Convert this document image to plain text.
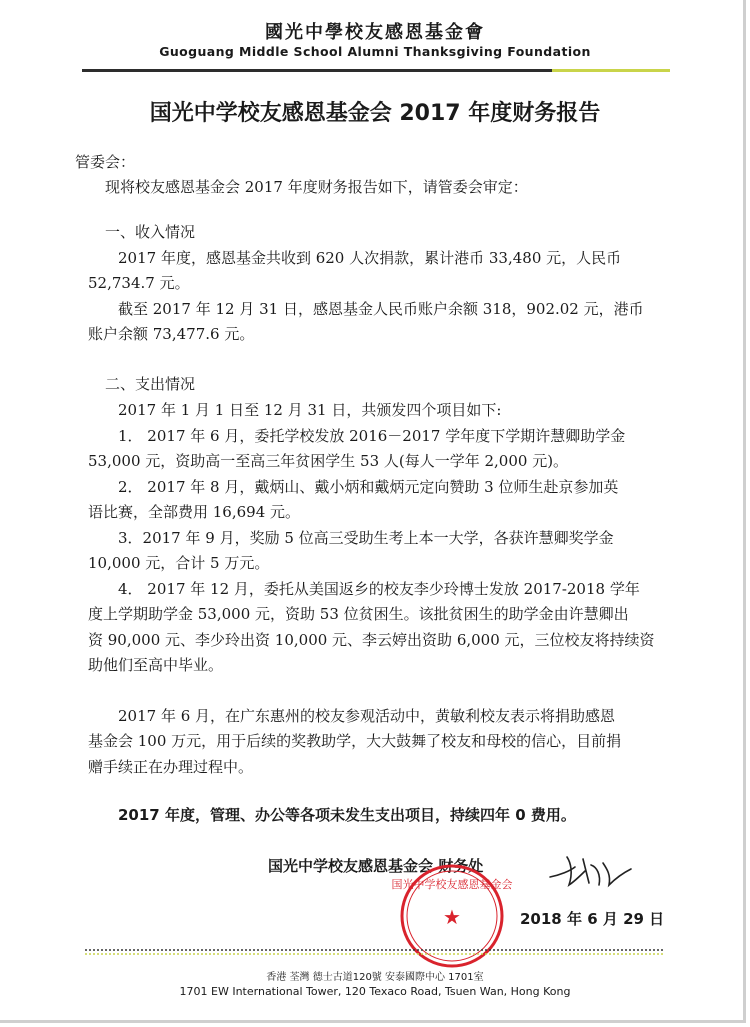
國光中學校友感恩基金會
Guoguang Middle School Alumni Thanksgiving Foundation
国光中学校友感恩基金会 2017 年度财务报告
管委会：
现将校友感恩基金会 2017 年度财务报告如下，请管委会审定：
一、收入情况
2017 年度，感恩基金共收到 620 人次捐款，累计港币 33,480 元，人民币
52,734.7 元。
截至 2017 年 12 月 31 日，感恩基金人民币账户余额 318，902.02 元，港币
账户余额 73,477.6 元。
二、支出情况
2017 年 1 月 1 日至 12 月 31 日，共颁发四个项目如下:
1． 2017 年 6 月，委托学校发放 2016－2017 学年度下学期许慧卿助学金
53,000 元，资助高一至高三年贫困学生 53 人(每人一学年 2,000 元)。
2． 2017 年 8 月，戴炳山、戴小炳和戴炳元定向赞助 3 位师生赴京参加英
语比赛，全部费用 16,694 元。
3．2017 年 9 月，奖励 5 位高三受助生考上本一大学，各获许慧卿奖学金
10,000 元，合计 5 万元。
4． 2017 年 12 月，委托从美国返乡的校友李少玲博士发放 2017-2018 学年
度上学期助学金 53,000 元，资助 53 位贫困生。该批贫困生的助学金由许慧卿出
资 90,000 元、李少玲出资 10,000 元、李云婷出资助 6,000 元，三位校友将持续资
助他们至高中毕业。
2017 年 6 月，在广东惠州的校友参观活动中，黄敏利校友表示将捐助感恩
基金会 100 万元，用于后续的奖教助学，大大鼓舞了校友和母校的信心，目前捐
赠手续正在办理过程中。
2017 年度，管理、办公等各项未发生支出项目，持续四年 0 费用。
国光中学校友感恩基金会 财务处
★
国光中学校友感恩基金会
2018 年 6 月 29 日
香港 荃灣 德士古道120號 安泰國際中心 1701室
1701 EW International Tower, 120 Texaco Road, Tsuen Wan, Hong Kong
